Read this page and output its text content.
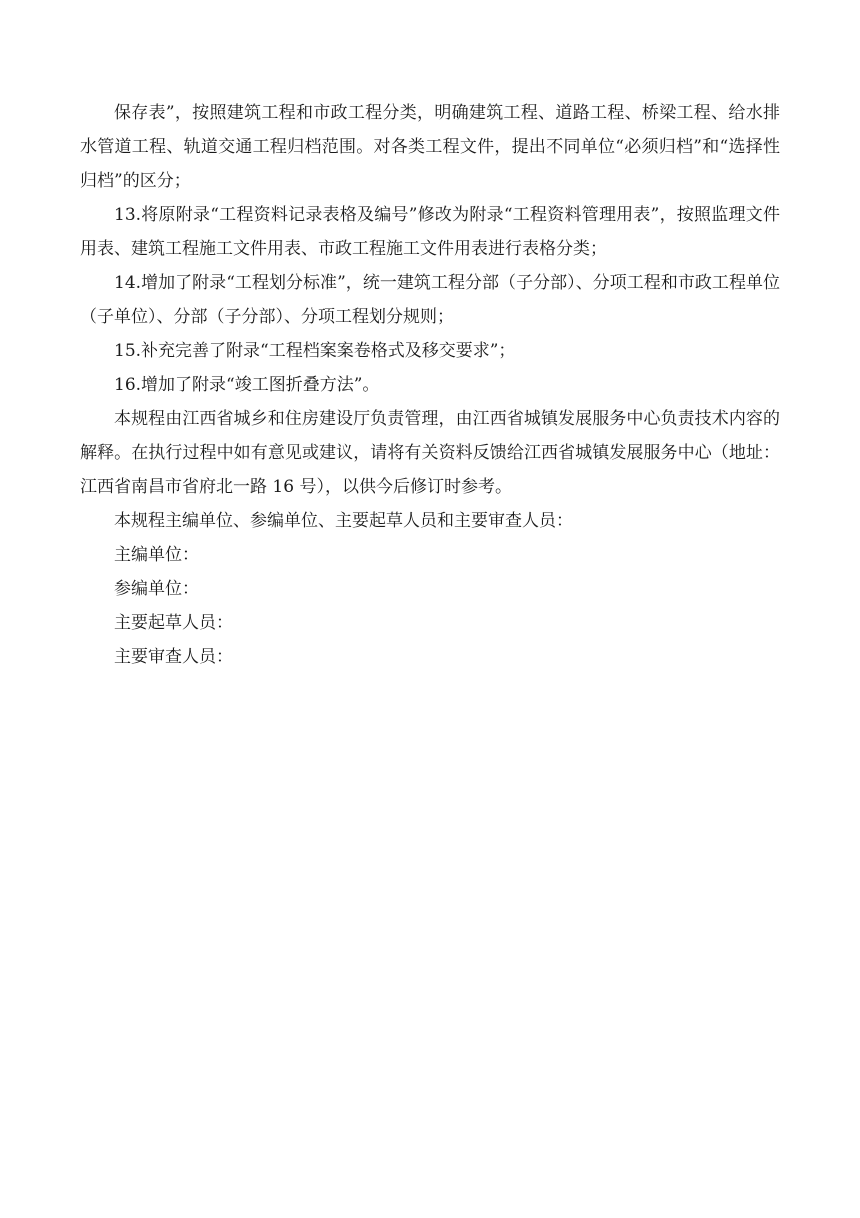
保存表”，按照建筑工程和市政工程分类，明确建筑工程、道路工程、桥梁工程、给水排水管道工程、轨道交通工程归档范围。对各类工程文件，提出不同单位“必须归档”和“选择性归档”的区分；

13.将原附录“工程资料记录表格及编号”修改为附录“工程资料管理用表”，按照监理文件用表、建筑工程施工文件用表、市政工程施工文件用表进行表格分类；

14.增加了附录“工程划分标准”，统一建筑工程分部（子分部）、分项工程和市政工程单位（子单位）、分部（子分部）、分项工程划分规则；

15.补充完善了附录“工程档案案卷格式及移交要求”；

16.增加了附录“竣工图折叠方法”。

本规程由江西省城乡和住房建设厅负责管理，由江西省城镇发展服务中心负责技术内容的解释。在执行过程中如有意见或建议，请将有关资料反馈给江西省城镇发展服务中心（地址：江西省南昌市省府北一路 16 号），以供今后修订时参考。

本规程主编单位、参编单位、主要起草人员和主要审查人员：

主编单位：

参编单位：

主要起草人员：

主要审查人员：
